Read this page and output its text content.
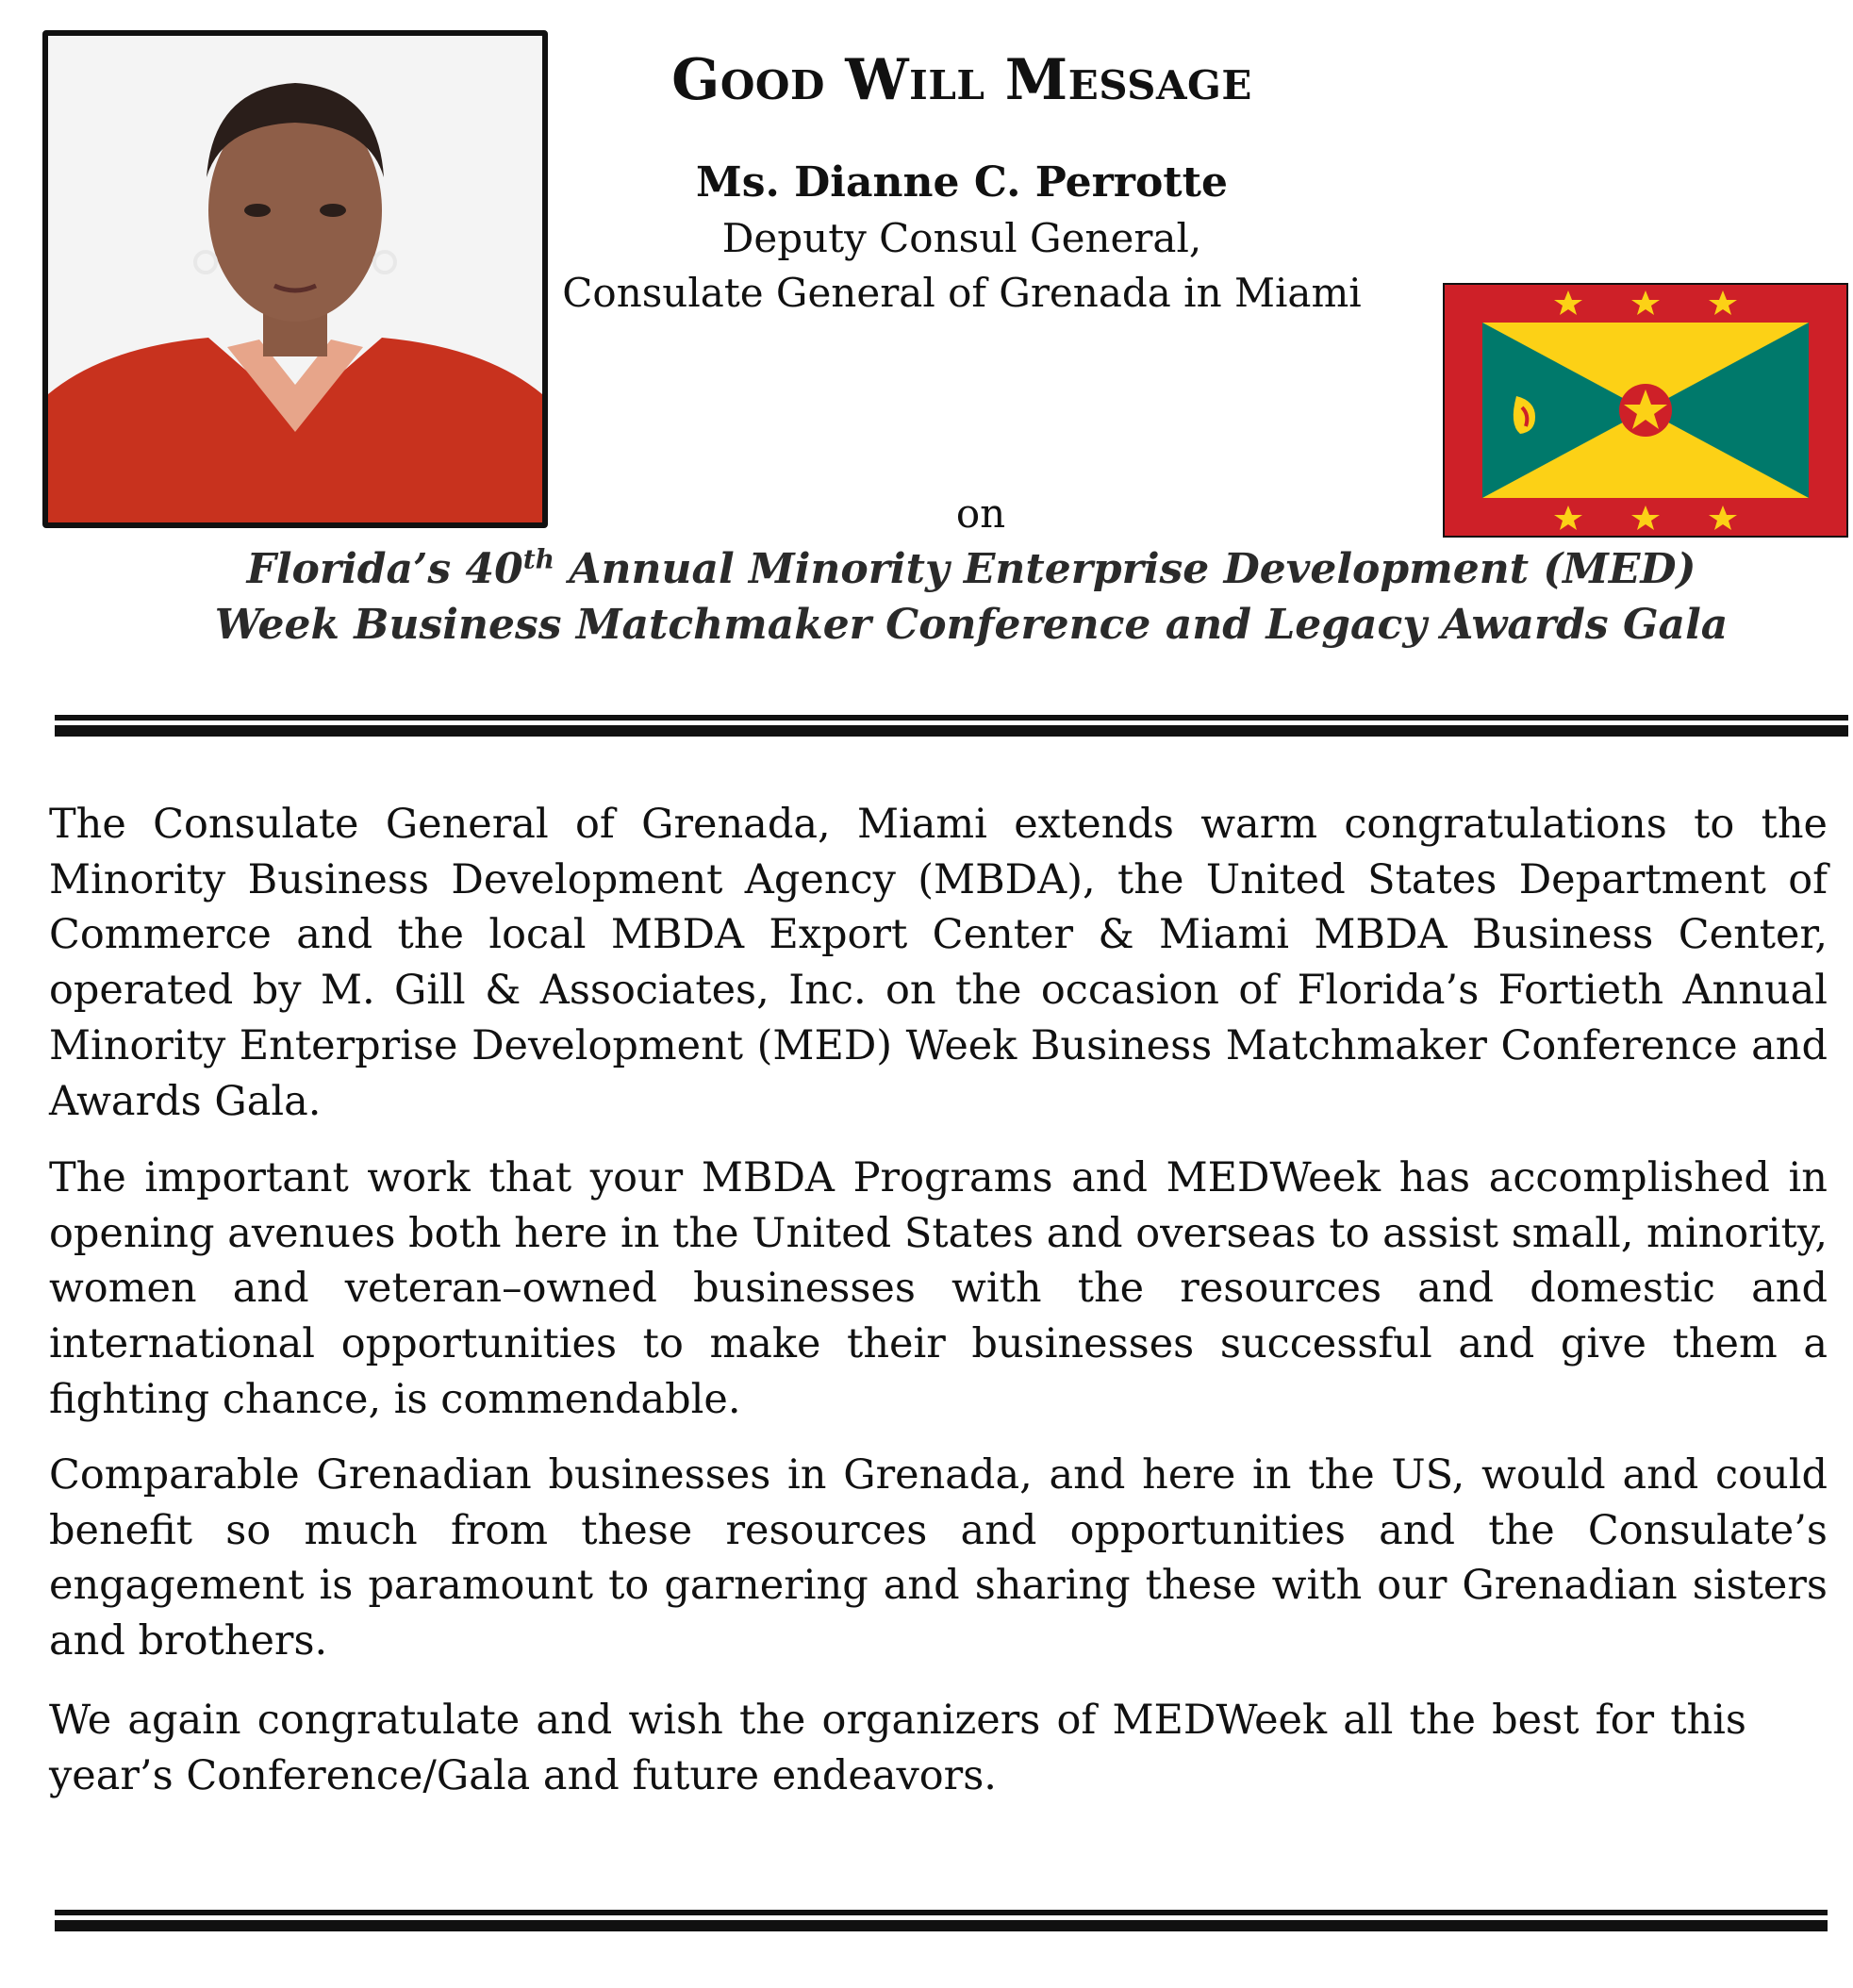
Good Will Message
Ms. Dianne C. Perrotte
Deputy Consul General,
Consulate General of Grenada in Miami
on
Florida’s 40th Annual Minority Enterprise Development (MED)
Week Business Matchmaker Conference and Legacy Awards Gala
The Consulate General of Grenada, Miami extends warm congratulations to the Minority Business Development Agency (MBDA), the United States Department of Commerce and the local MBDA Export Center & Miami MBDA Business Center, operated by M. Gill & Associates, Inc. on the occasion of Florida’s Fortieth Annual Minority Enterprise Development (MED) Week Business Matchmaker Conference and Awards Gala.
The important work that your MBDA Programs and MEDWeek has accomplished in opening avenues both here in the United States and overseas to assist small, minority, women and veteran–owned businesses with the resources and domestic and international opportunities to make their businesses successful and give them a fighting chance, is commendable.
Comparable Grenadian businesses in Grenada, and here in the US, would and could benefit so much from these resources and opportunities and the Consulate’s engagement is paramount to garnering and sharing these with our Grenadian sisters and brothers.
We again congratulate and wish the organizers of MEDWeek all the best for this year’s Conference/Gala and future endeavors.
